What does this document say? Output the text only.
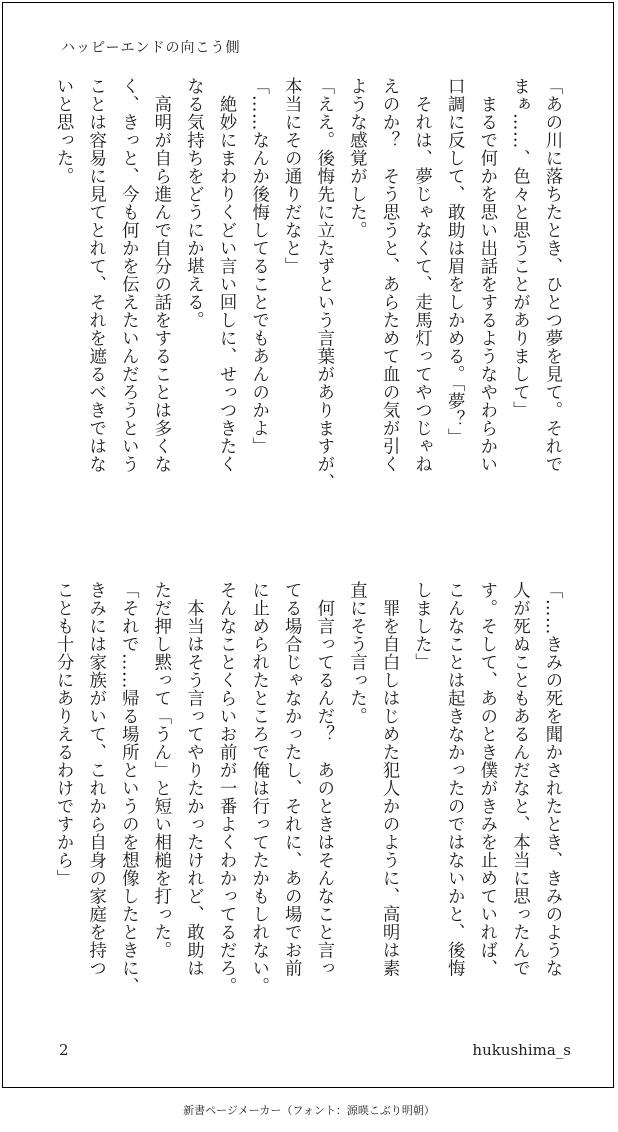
ハッピーエンドの向こう側
「あの川に落ちたとき、ひとつ夢を見て。それで
まぁ……、色々と思うことがありまして」
　まるで何かを思い出話をするようなやわらかい
口調に反して、敢助は眉をしかめる。「夢？」
　それは、夢じゃなくて、走馬灯ってやつじゃね
えのか？　そう思うと、あらためて血の気が引く
ような感覚がした。
「ええ。後悔先に立たずという言葉がありますが、
本当にその通りだなと」
「……なんか後悔してることでもあんのかよ」
　絶妙にまわりくどい言い回しに、せっつきたく
なる気持ちをどうにか堪える。
　高明が自ら進んで自分の話をすることは多くな
く、きっと、今も何かを伝えたいんだろうという
ことは容易に見てとれて、それを遮るべきではな
いと思った。
「……きみの死を聞かされたとき、きみのような
人が死ぬこともあるんだなと、本当に思ったんで
す。そして、あのとき僕がきみを止めていれば、
こんなことは起きなかったのではないかと、後悔
しました」
　罪を自白しはじめた犯人かのように、高明は素
直にそう言った。
　何言ってるんだ？　あのときはそんなこと言っ
てる場合じゃなかったし、それに、あの場でお前
に止められたところで俺は行ってたかもしれない。
そんなことくらいお前が一番よくわかってるだろ。
　本当はそう言ってやりたかったけれど、敢助は
ただ押し黙って「うん」と短い相槌を打った。
「それで……帰る場所というのを想像したときに、
きみには家族がいて、これから自身の家庭を持つ
ことも十分にありえるわけですから」
2	hukushima_s
新書ページメーカー（フォント：源暎こぶり明朝）
